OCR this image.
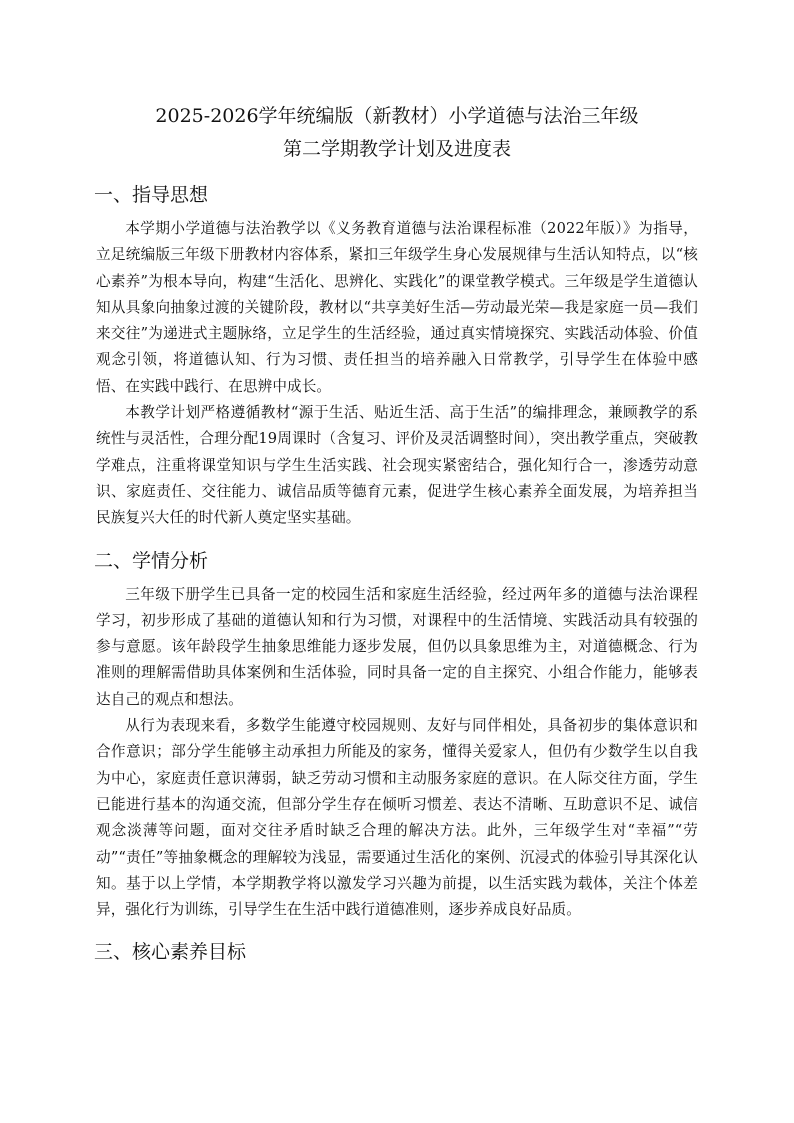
2025-2026学年统编版（新教材）小学道德与法治三年级
第二学期教学计划及进度表
一、指导思想

本学期小学道德与法治教学以《义务教育道德与法治课程标准（2022年版）》为指导，立足统编版三年级下册教材内容体系，紧扣三年级学生身心发展规律与生活认知特点，以“核心素养”为根本导向，构建“生活化、思辨化、实践化”的课堂教学模式。三年级是学生道德认知从具象向抽象过渡的关键阶段，教材以“共享美好生活—劳动最光荣—我是家庭一员—我们来交往”为递进式主题脉络，立足学生的生活经验，通过真实情境探究、实践活动体验、价值观念引领，将道德认知、行为习惯、责任担当的培养融入日常教学，引导学生在体验中感悟、在实践中践行、在思辨中成长。

本教学计划严格遵循教材“源于生活、贴近生活、高于生活”的编排理念，兼顾教学的系统性与灵活性，合理分配19周课时（含复习、评价及灵活调整时间），突出教学重点，突破教学难点，注重将课堂知识与学生生活实践、社会现实紧密结合，强化知行合一，渗透劳动意识、家庭责任、交往能力、诚信品质等德育元素，促进学生核心素养全面发展，为培养担当民族复兴大任的时代新人奠定坚实基础。

二、学情分析

三年级下册学生已具备一定的校园生活和家庭生活经验，经过两年多的道德与法治课程学习，初步形成了基础的道德认知和行为习惯，对课程中的生活情境、实践活动具有较强的参与意愿。该年龄段学生抽象思维能力逐步发展，但仍以具象思维为主，对道德概念、行为准则的理解需借助具体案例和生活体验，同时具备一定的自主探究、小组合作能力，能够表达自己的观点和想法。

从行为表现来看，多数学生能遵守校园规则、友好与同伴相处，具备初步的集体意识和合作意识；部分学生能够主动承担力所能及的家务，懂得关爱家人，但仍有少数学生以自我为中心，家庭责任意识薄弱，缺乏劳动习惯和主动服务家庭的意识。在人际交往方面，学生已能进行基本的沟通交流，但部分学生存在倾听习惯差、表达不清晰、互助意识不足、诚信观念淡薄等问题，面对交往矛盾时缺乏合理的解决方法。此外，三年级学生对“幸福”“劳动”“责任”等抽象概念的理解较为浅显，需要通过生活化的案例、沉浸式的体验引导其深化认知。基于以上学情，本学期教学将以激发学习兴趣为前提，以生活实践为载体，关注个体差异，强化行为训练，引导学生在生活中践行道德准则，逐步养成良好品质。

三、核心素养目标
